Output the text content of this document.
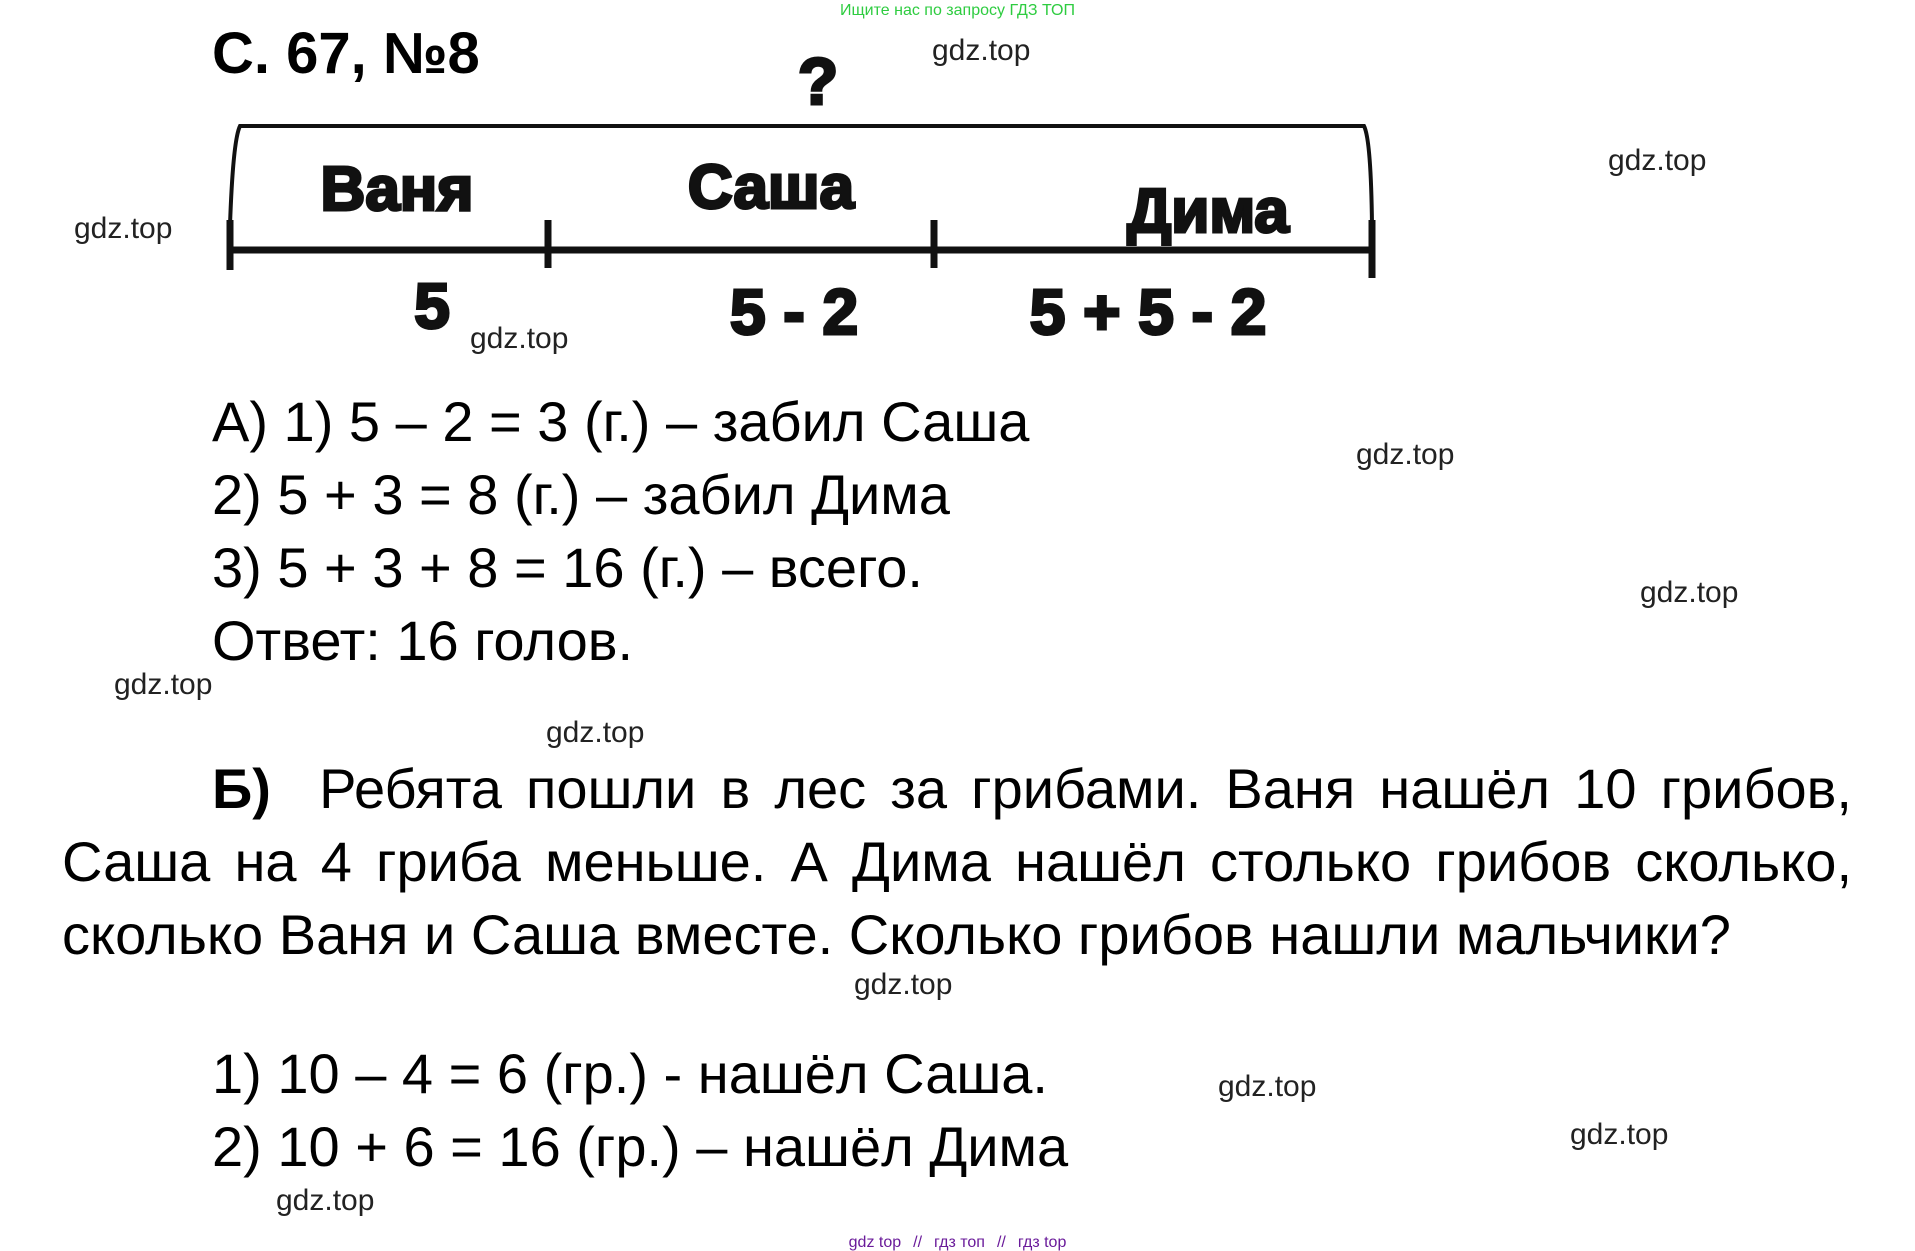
Ищите нас по запросу ГДЗ ТОП
С. 67, №8	?
Ваня	Саша	Дима
5	5 - 2	5 + 5 - 2
А) 1) 5 – 2 = 3 (г.) – забил Саша
2) 5 + 3 = 8 (г.) – забил Дима
3) 5 + 3 + 8 = 16 (г.) – всего.
Ответ: 16 голов.
Б) Ребята пошли в лес за грибами. Ваня нашёл 10 грибов, Саша на 4 гриба меньше. А Дима нашёл столько грибов сколько, сколько Ваня и Саша вместе. Сколько грибов нашли мальчики?
1) 10 – 4 = 6 (гр.) - нашёл Саша.
2) 10 + 6 = 16 (гр.) – нашёл Дима
gdz.top
gdz.top
gdz.top
gdz.top
gdz.top
gdz.top
gdz.top
gdz.top
gdz.top
gdz.top
gdz.top
gdz.top
gdz top // гдз топ // гдз top
